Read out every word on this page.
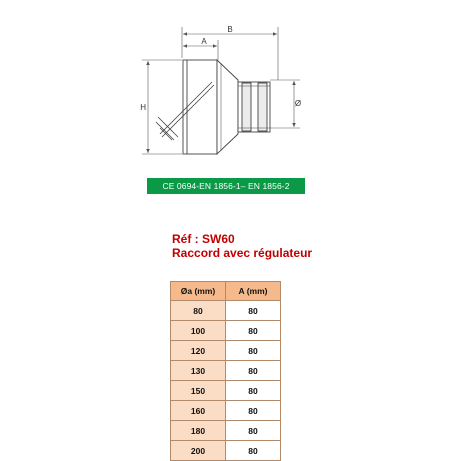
B
A
H	Ø
CE 0694-EN 1856-1– EN 1856-2
Réf : SW60
Raccord avec régulateur
Øa (mm)	A (mm)
80	80
100	80
120	80
130	80
150	80
160	80
180	80
200	80
